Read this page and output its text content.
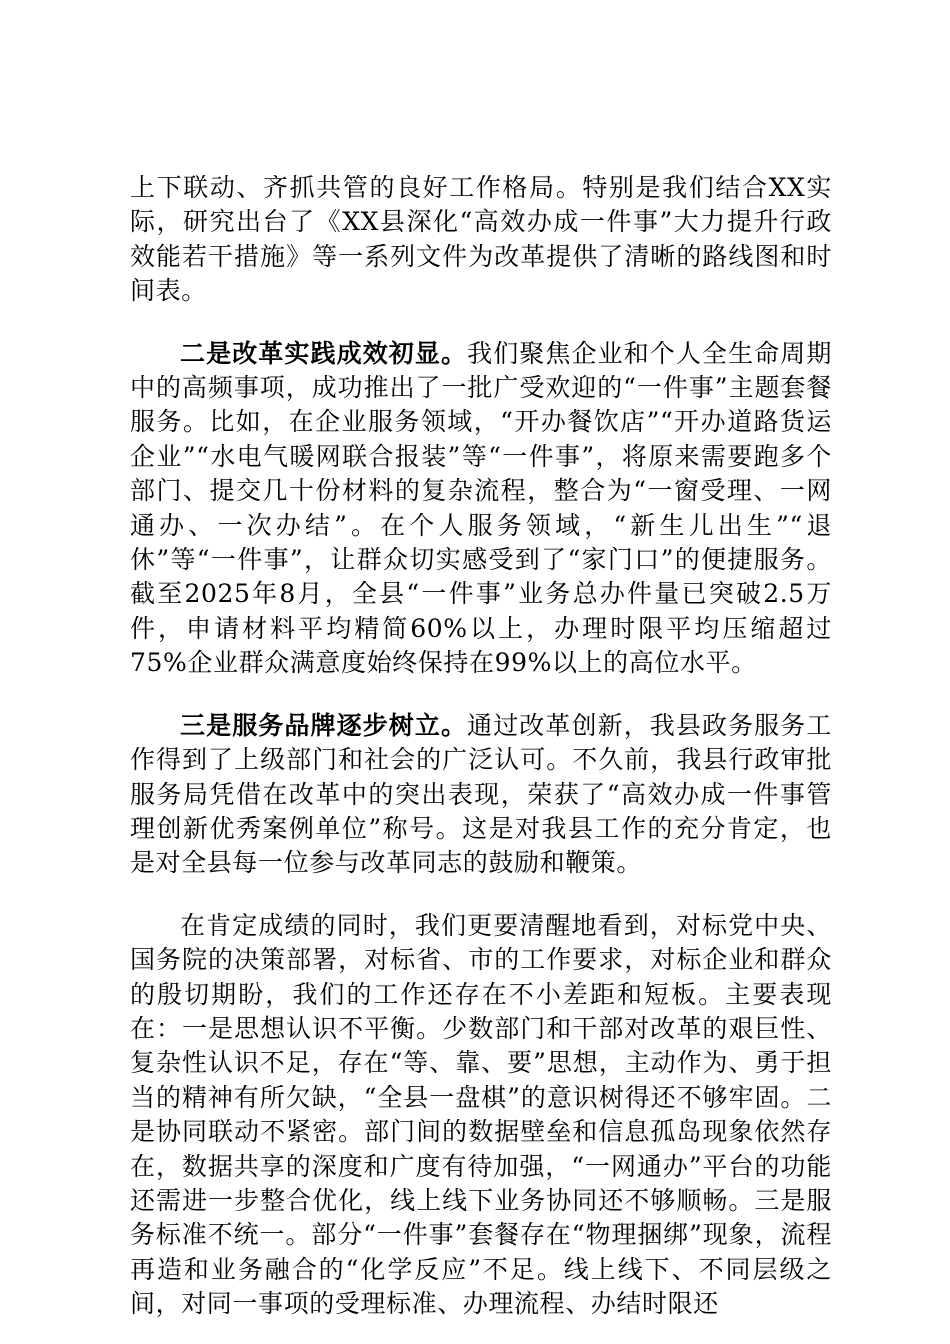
上下联动、齐抓共管的良好工作格局。特别是我们结合XX实际，研究出台了《XX县深化“高效办成一件事”大力提升行政效能若干措施》等一系列文件为改革提供了清晰的路线图和时间表。

二是改革实践成效初显。我们聚焦企业和个人全生命周期中的高频事项，成功推出了一批广受欢迎的“一件事”主题套餐服务。比如，在企业服务领域，“开办餐饮店”“开办道路货运企业”“水电气暖网联合报装”等“一件事”，将原来需要跑多个部门、提交几十份材料的复杂流程，整合为“一窗受理、一网通办、一次办结”。在个人服务领域，“新生儿出生”“退休”等“一件事”，让群众切实感受到了“家门口”的便捷服务。截至2025年8月，全县“一件事”业务总办件量已突破2.5万件，申请材料平均精简60%以上，办理时限平均压缩超过75%企业群众满意度始终保持在99%以上的高位水平。

三是服务品牌逐步树立。通过改革创新，我县政务服务工作得到了上级部门和社会的广泛认可。不久前，我县行政审批服务局凭借在改革中的突出表现，荣获了“高效办成一件事管理创新优秀案例单位”称号。这是对我县工作的充分肯定，也是对全县每一位参与改革同志的鼓励和鞭策。

在肯定成绩的同时，我们更要清醒地看到，对标党中央、国务院的决策部署，对标省、市的工作要求，对标企业和群众的殷切期盼，我们的工作还存在不小差距和短板。主要表现在：一是思想认识不平衡。少数部门和干部对改革的艰巨性、复杂性认识不足，存在“等、靠、要”思想，主动作为、勇于担当的精神有所欠缺，“全县一盘棋”的意识树得还不够牢固。二是协同联动不紧密。部门间的数据壁垒和信息孤岛现象依然存在，数据共享的深度和广度有待加强，“一网通办”平台的功能还需进一步整合优化，线上线下业务协同还不够顺畅。三是服务标准不统一。部分“一件事”套餐存在“物理捆绑”现象，流程再造和业务融合的“化学反应”不足。线上线下、不同层级之间，对同一事项的受理标准、办理流程、办结时限还
